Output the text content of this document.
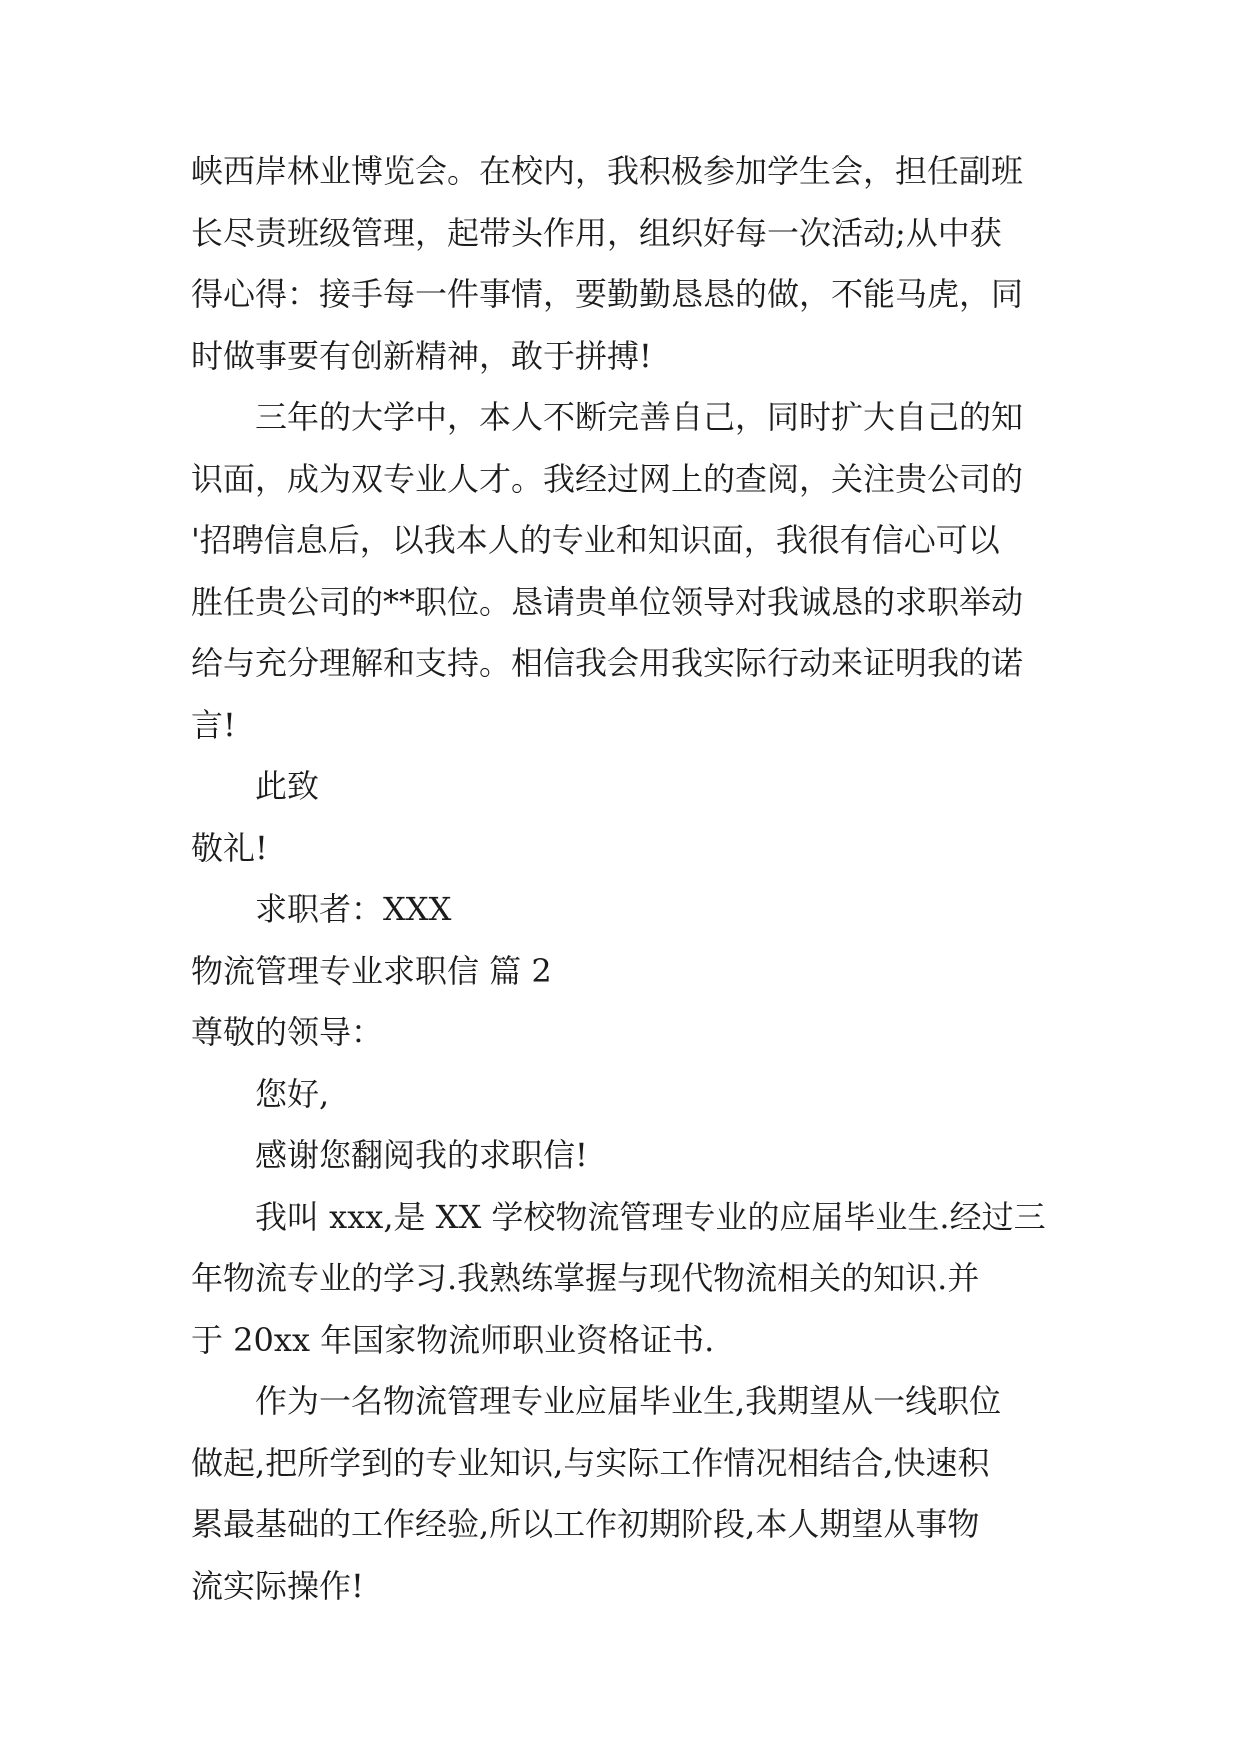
峡西岸林业博览会。在校内，我积极参加学生会，担任副班

长尽责班级管理，起带头作用，组织好每一次活动;从中获

得心得：接手每一件事情，要勤勤恳恳的做，不能马虎，同

时做事要有创新精神，敢于拼搏!

三年的大学中，本人不断完善自己，同时扩大自己的知

识面，成为双专业人才。我经过网上的查阅，关注贵公司的

'招聘信息后，以我本人的专业和知识面，我很有信心可以

胜任贵公司的**职位。恳请贵单位领导对我诚恳的求职举动

给与充分理解和支持。相信我会用我实际行动来证明我的诺

言!

此致

敬礼!

求职者：XXX

物流管理专业求职信 篇 2

尊敬的领导：

您好,

感谢您翻阅我的求职信!

我叫 xxx,是 XX 学校物流管理专业的应届毕业生.经过三

年物流专业的学习.我熟练掌握与现代物流相关的知识.并

于 20xx 年国家物流师职业资格证书.

作为一名物流管理专业应届毕业生,我期望从一线职位

做起,把所学到的专业知识,与实际工作情况相结合,快速积

累最基础的工作经验,所以工作初期阶段,本人期望从事物

流实际操作!
